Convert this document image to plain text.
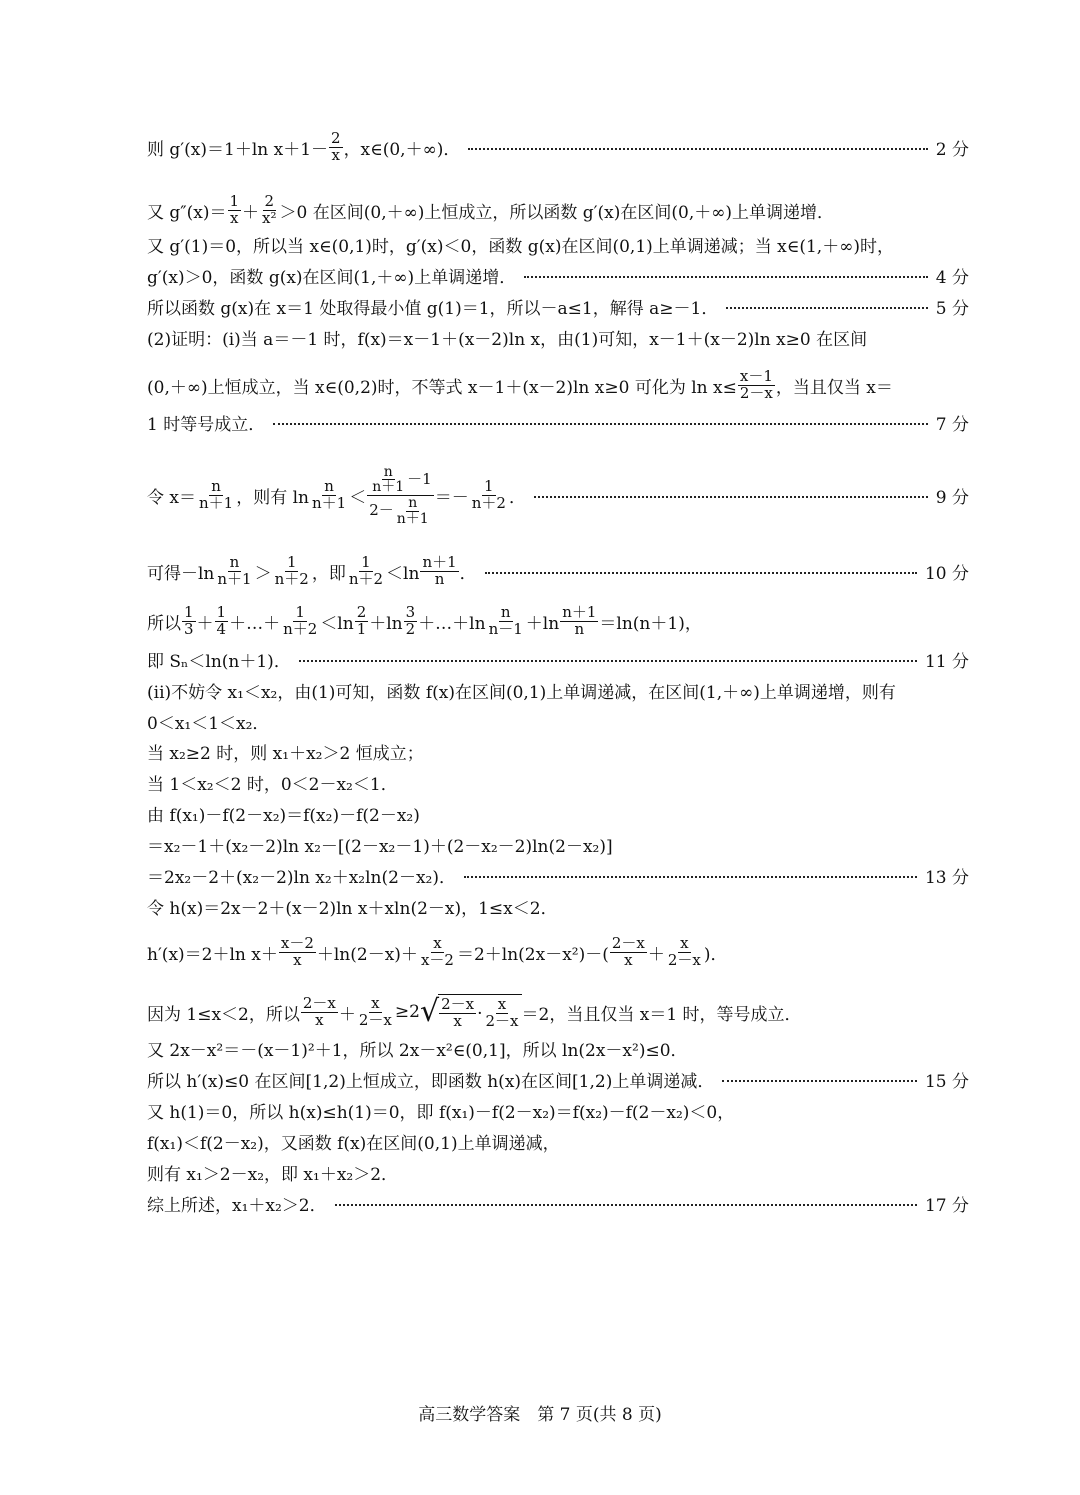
则 g′(x)＝1＋ln $x+1- \frac{2}{x}$ ，x∈(0,＋∞)．	2 分
又 $g''(x)= \frac{1}{x} + \frac{2}{\text{x²}} >0$ 在区间(0,＋∞)上恒成立，所以函数 g′(x)在区间(0,＋∞)上单调递增．
又 g′(1)＝0，所以当 x∈(0,1)时，g′(x)＜0，函数 g(x)在区间(0,1)上单调递减；当 x∈(1,＋∞)时，
g′(x)＞0，函数 g(x)在区间(1,＋∞)上单调递增．	4 分
所以函数 g(x)在 x＝1 处取得最小值 g(1)＝1，所以－a≤1，解得 a≥－1．	5 分
(2)证明：(i)当 a＝－1 时，f(x)＝x－1＋(x－2)ln x，由(1)可知，x－1＋(x－2)ln x≥0 在区间
(0,＋∞)上恒成立，当 x∈(0,2)时，不等式 x－1＋(x－2)ln x≥0 可化为 $\ln x\le \frac{x-1}{2-x}$ ，当且仅当 x＝
1 时等号成立．	7 分
令 $x= \frac{n}{n+1}$ ，则有 $\ln \frac{n}{n+1} < \frac{\frac{n}{n+1} -1}{2- \frac{n}{n+1}} =- \frac{1}{n+2}$ ．	9 分
可得$-\ln \frac{n}{n+1} > \frac{1}{n+2}$ ，即 $\frac{1}{n+2} <\ln \frac{n+1}{n}$ ．	10 分
所以 $\frac{1}{3} + \frac{1}{4}$ ＋…＋ $\frac{1}{n+2} <\ln \frac{2}{1} +\ln \frac{3}{2}$ ＋…＋ln $\frac{n}{n-1} +\ln \frac{n+1}{n} =\ln(n+1)$，
即 Sₙ＜ln(n＋1)．	11 分
(ii)不妨令 x₁＜x₂，由(1)可知，函数 f(x)在区间(0,1)上单调递减，在区间(1,＋∞)上单调递增，则有
0＜x₁＜1＜x₂．
当 x₂≥2 时，则 x₁＋x₂＞2 恒成立；
当 1＜x₂＜2 时，0＜2－x₂＜1．
由 f(x₁)－f(2－x₂)＝f(x₂)－f(2－x₂)
＝x₂－1＋(x₂－2)ln x₂－[(2－x₂－1)＋(2－x₂－2)ln(2－x₂)]
＝2x₂－2＋(x₂－2)ln x₂＋x₂ln(2－x₂)．	13 分
令 h(x)＝2x－2＋(x－2)ln x＋xln(2－x)，1≤x＜2．
h′(x)＝2＋ln $x+ \frac{x-2}{x} +\ln(2-x)+ \frac{x}{x-2} =2+\ln(2x-x^2)-( \frac{2-x}{x} + \frac{x}{2-x}$ )．
因为 1≤x＜2，所以 $\frac{2-x}{x} + \frac{x}{2-x} \ge 2$ √ $\frac{2-x}{x} \cdot \frac{x}{2-x} =2$，当且仅当 x＝1 时，等号成立．
又 2x－x²＝－(x－1)²＋1，所以 2x－x²∈(0,1]，所以 ln(2x－x²)≤0．
所以 h′(x)≤0 在区间[1,2)上恒成立，即函数 h(x)在区间[1,2)上单调递减．	15 分
又 h(1)＝0，所以 h(x)≤h(1)＝0，即 f(x₁)－f(2－x₂)＝f(x₂)－f(2－x₂)＜0，
f(x₁)＜f(2－x₂)，又函数 f(x)在区间(0,1)上单调递减，
则有 x₁＞2－x₂，即 x₁＋x₂＞2．
综上所述，x₁＋x₂＞2．	17 分
高三数学答案　第 7 页(共 8 页)
